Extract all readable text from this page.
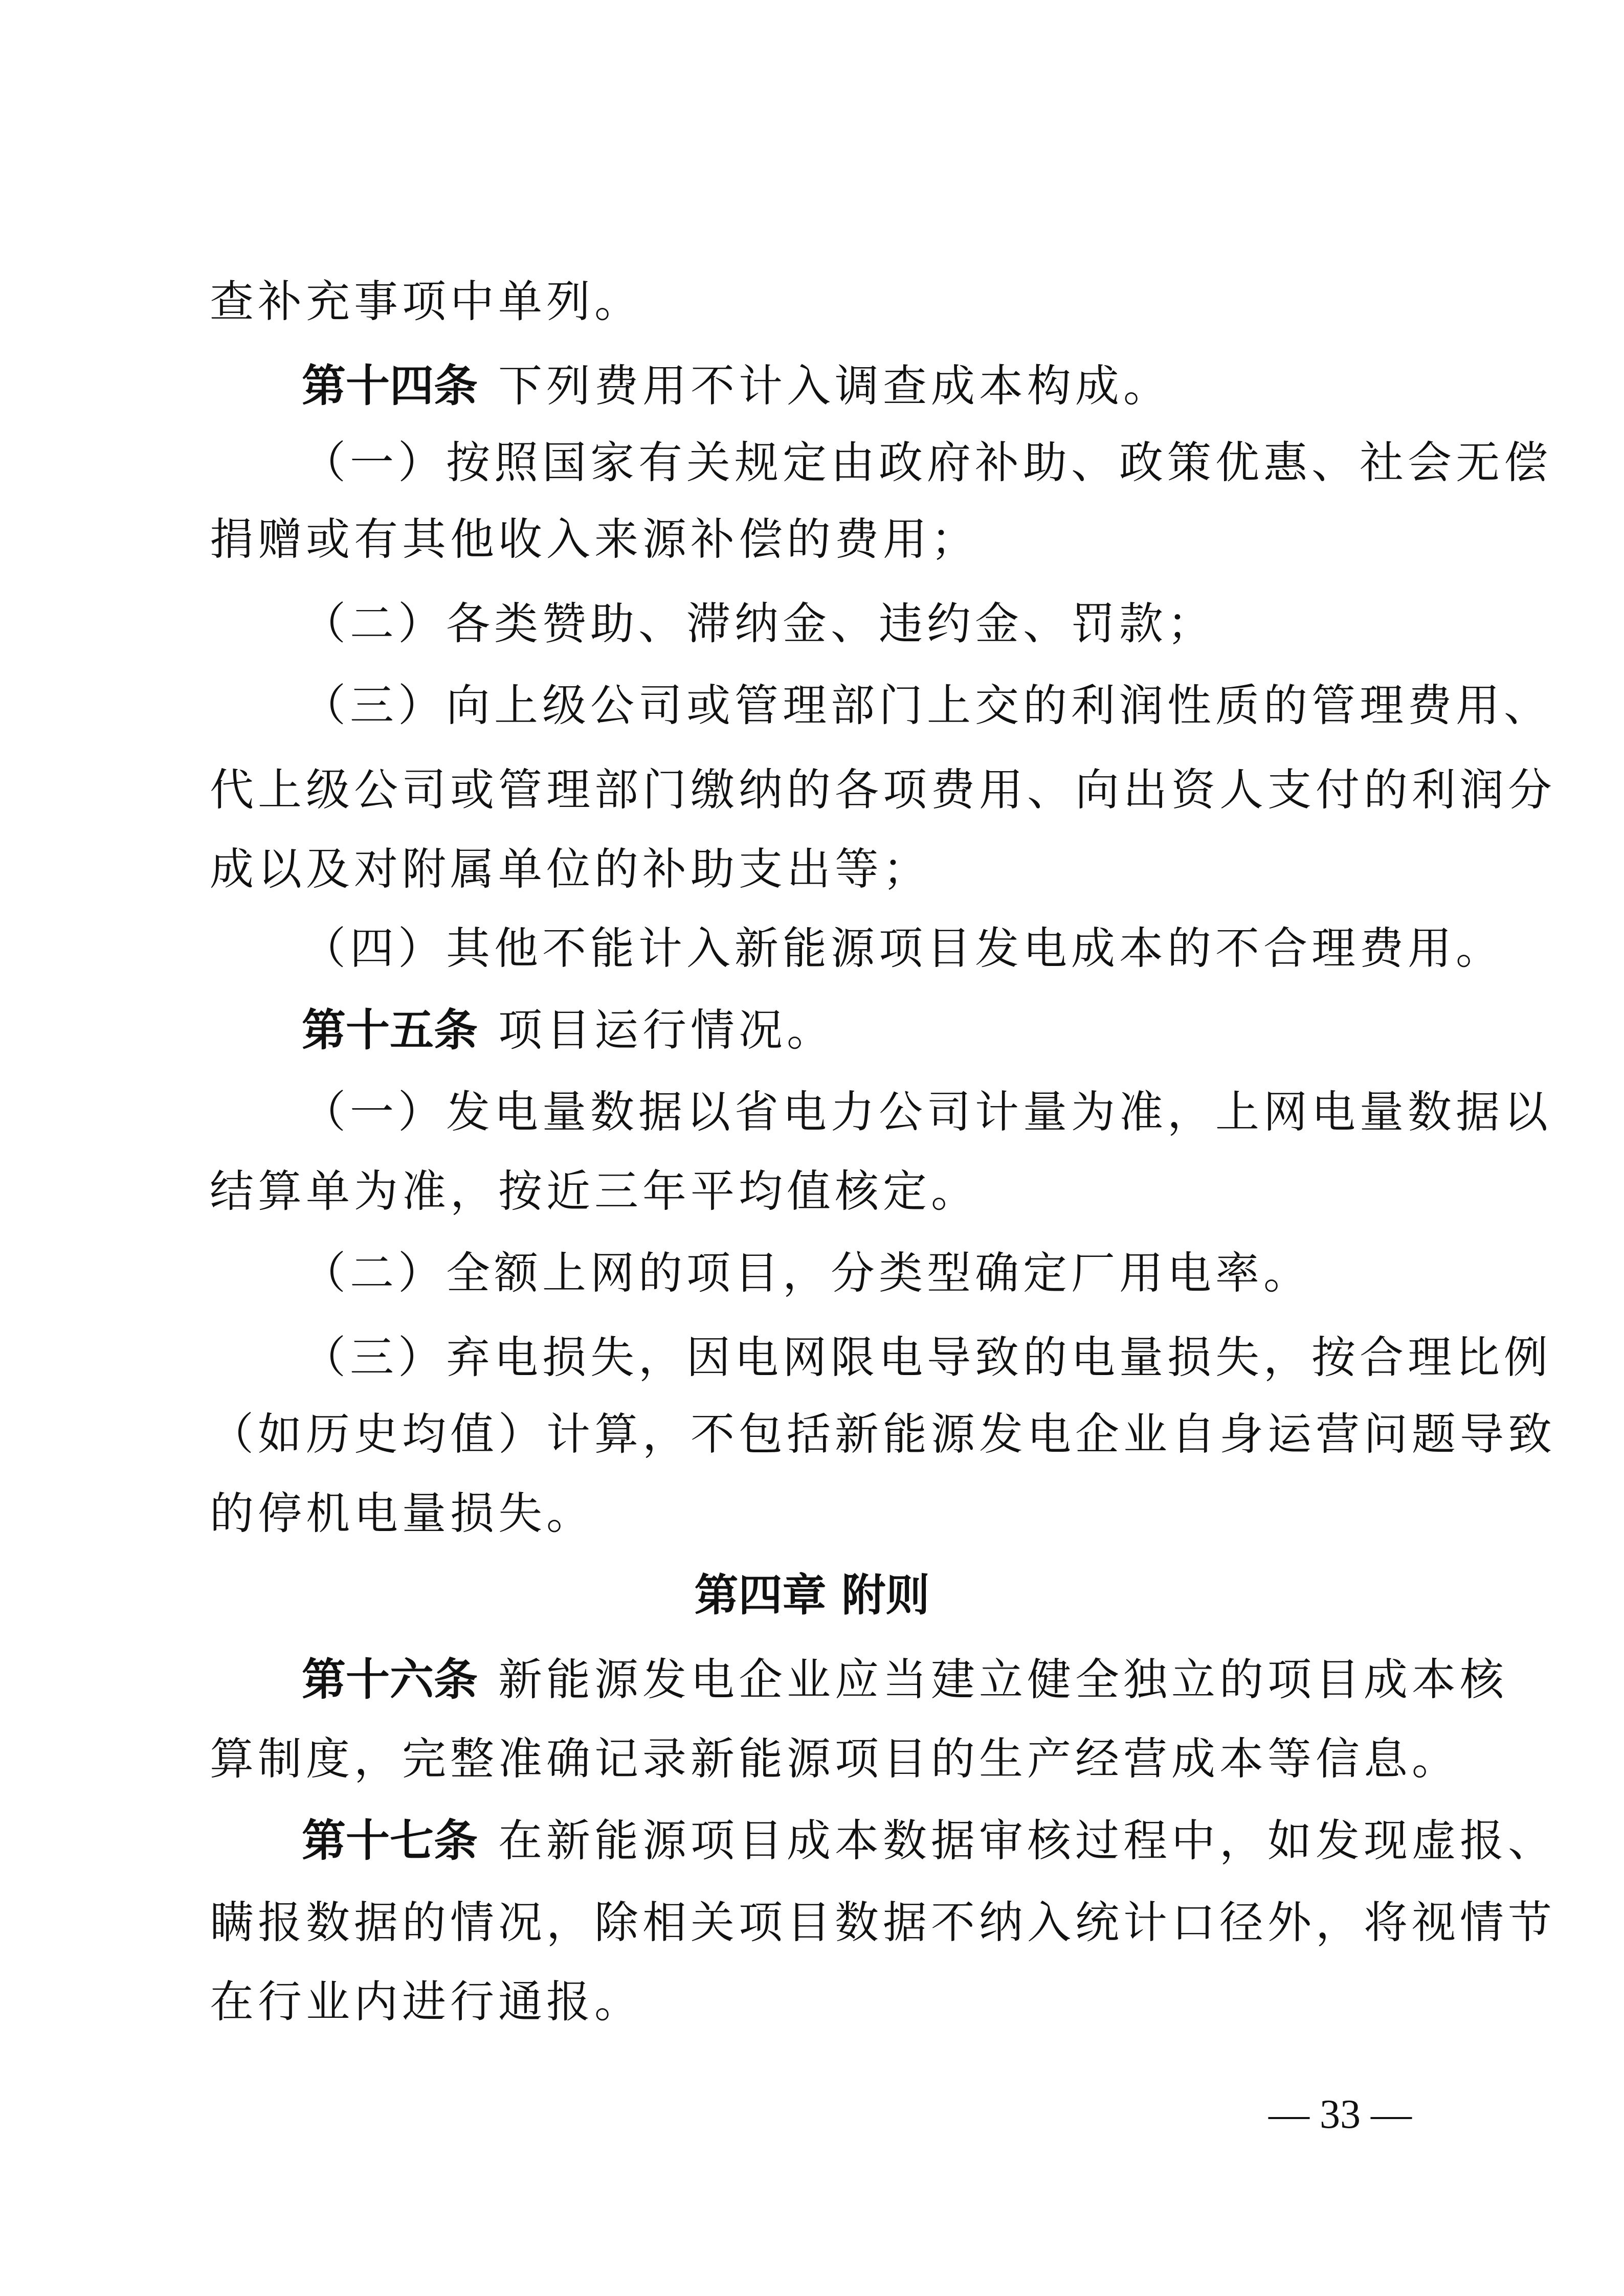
查补充事项中单列。
第十四条 下列费用不计入调查成本构成。
（一）按照国家有关规定由政府补助、政策优惠、社会无偿
捐赠或有其他收入来源补偿的费用；
（二）各类赞助、滞纳金、违约金、罚款；
（三）向上级公司或管理部门上交的利润性质的管理费用、
代上级公司或管理部门缴纳的各项费用、向出资人支付的利润分
成以及对附属单位的补助支出等；
（四）其他不能计入新能源项目发电成本的不合理费用。
第十五条 项目运行情况。
（一）发电量数据以省电力公司计量为准，上网电量数据以
结算单为准，按近三年平均值核定。
（二）全额上网的项目，分类型确定厂用电率。
（三）弃电损失，因电网限电导致的电量损失，按合理比例
（如历史均值）计算，不包括新能源发电企业自身运营问题导致
的停机电量损失。
第四章 附则
第十六条 新能源发电企业应当建立健全独立的项目成本核
算制度，完整准确记录新能源项目的生产经营成本等信息。
第十七条 在新能源项目成本数据审核过程中，如发现虚报、
瞒报数据的情况，除相关项目数据不纳入统计口径外，将视情节
在行业内进行通报。
— 33 —
